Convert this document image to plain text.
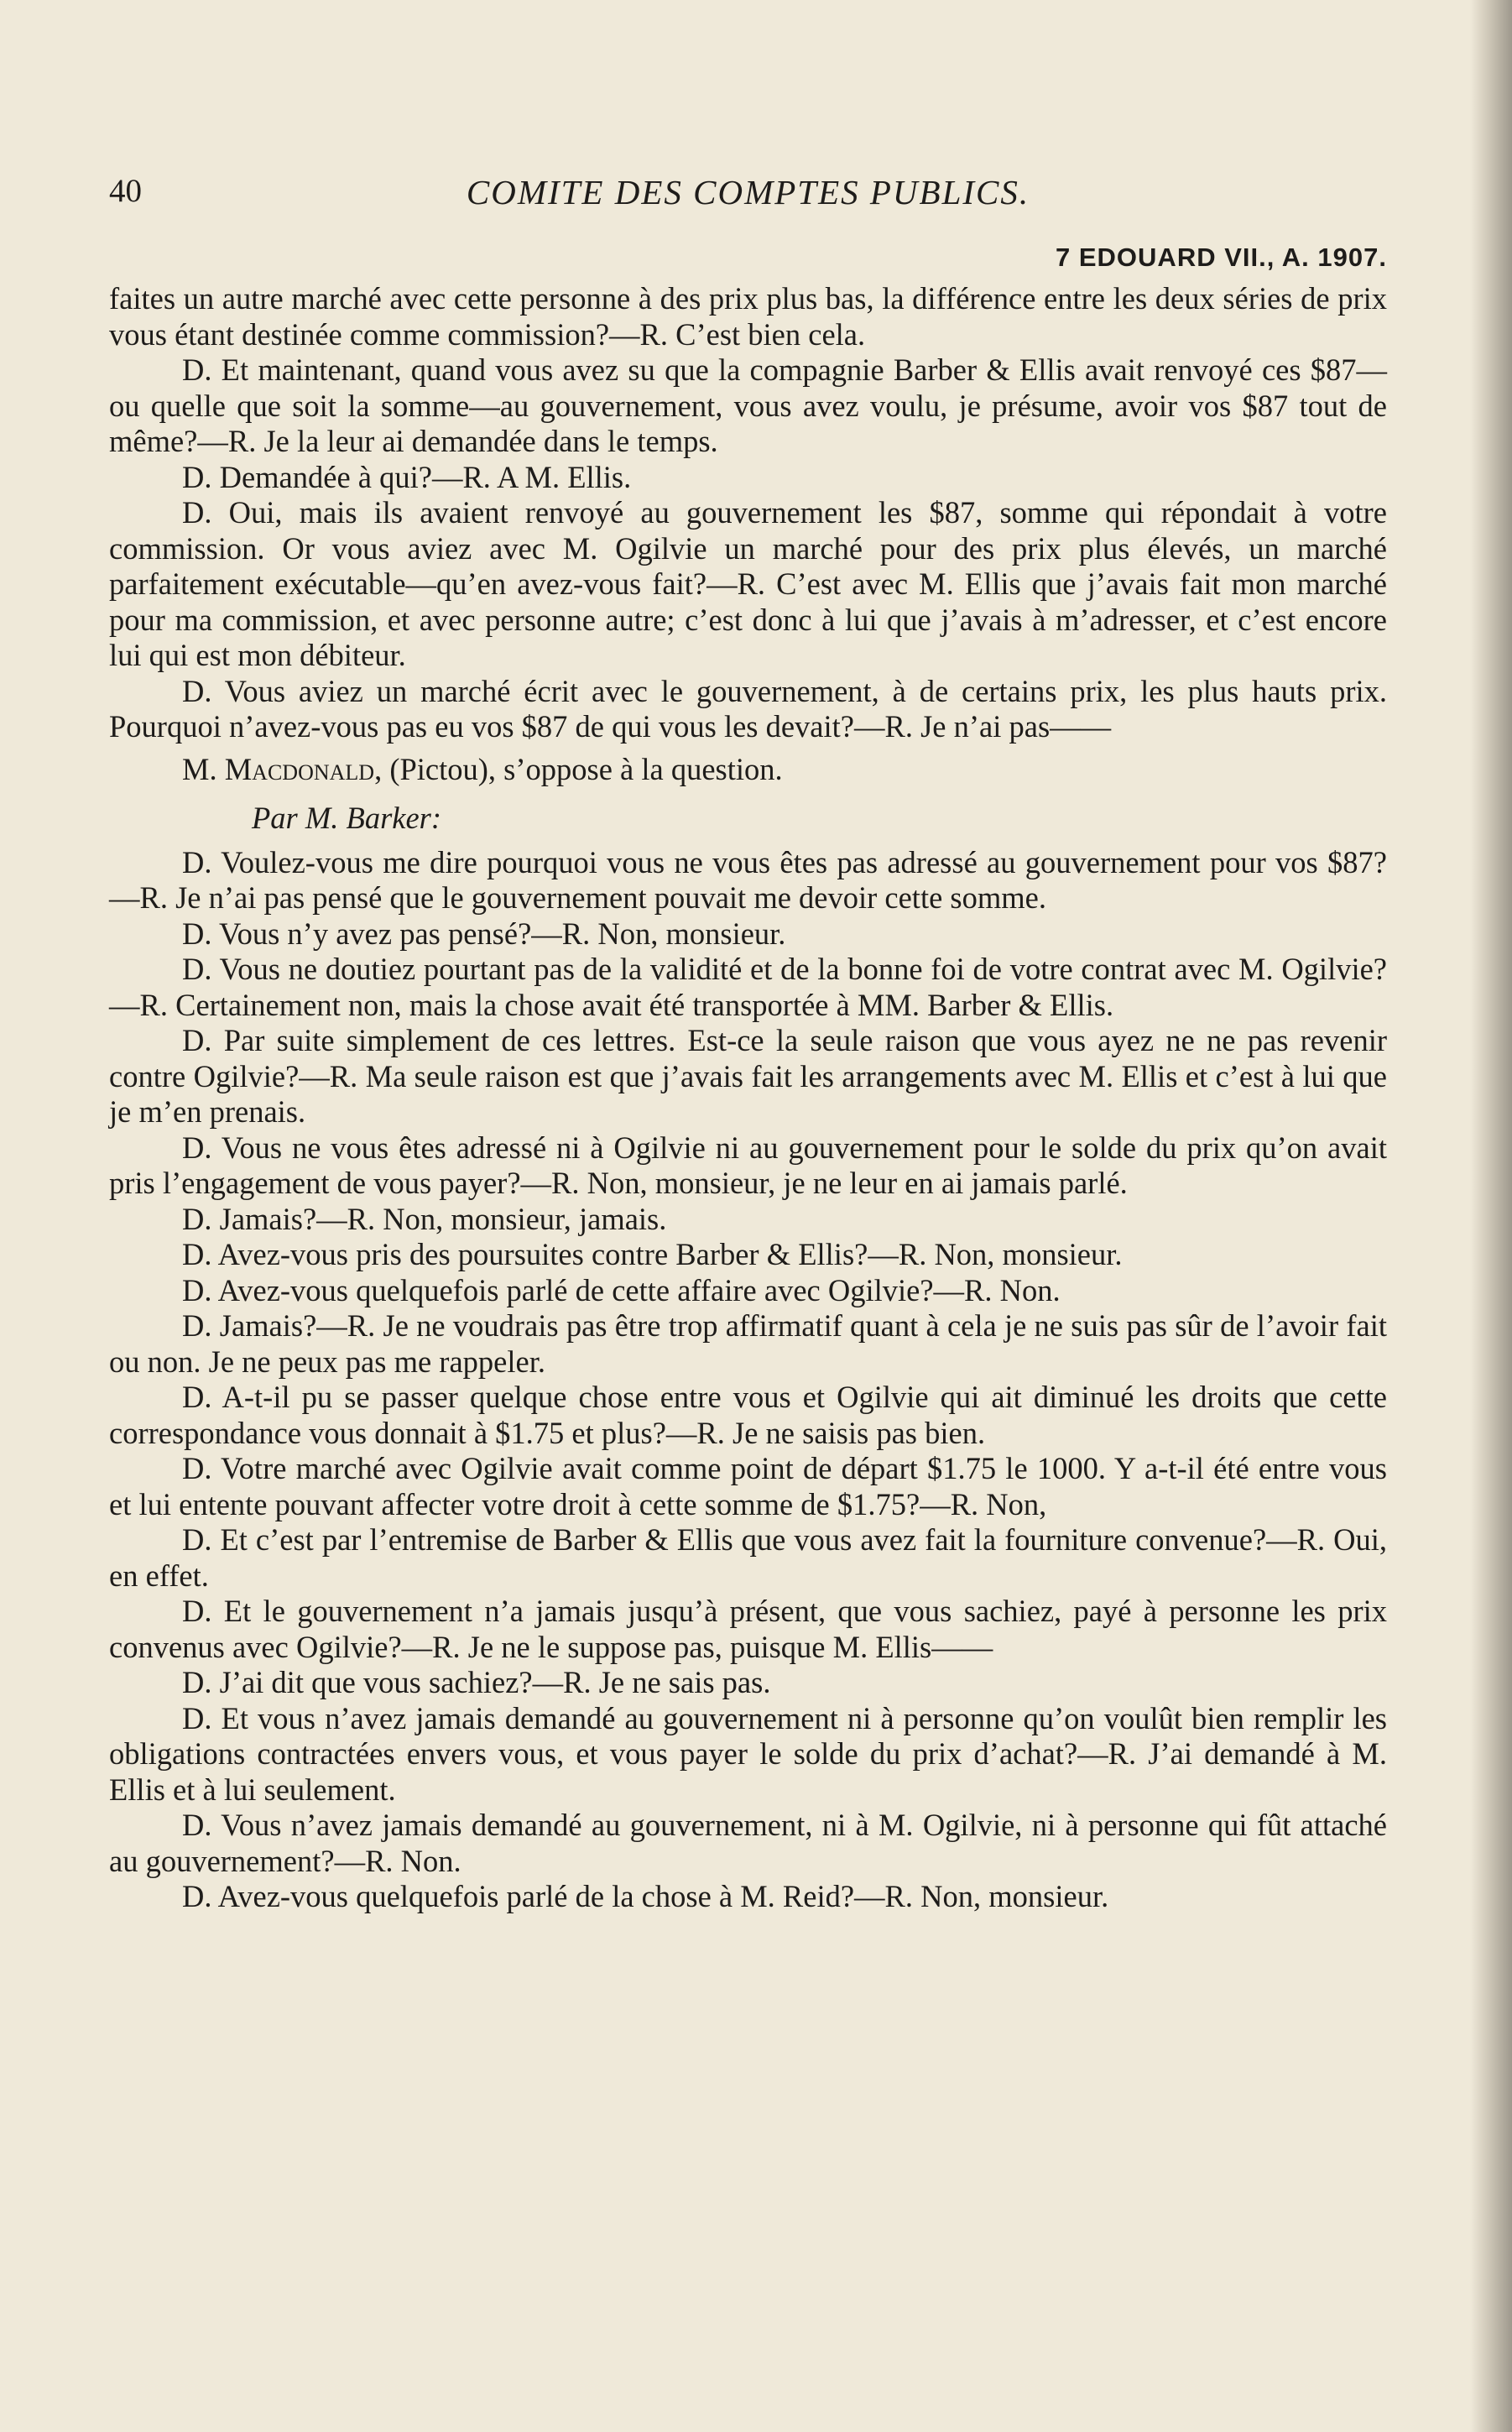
40	COMITE DES COMPTES PUBLICS.
7 EDOUARD VII., A. 1907.

faites un autre marché avec cette personne à des prix plus bas, la différence entre les deux séries de prix vous étant destinée comme commission?—R. C’est bien cela.

D. Et maintenant, quand vous avez su que la compagnie Barber & Ellis avait renvoyé ces $87—ou quelle que soit la somme—au gouvernement, vous avez voulu, je présume, avoir vos $87 tout de même?—R. Je la leur ai demandée dans le temps.

D. Demandée à qui?—R. A M. Ellis.

D. Oui, mais ils avaient renvoyé au gouvernement les $87, somme qui répondait à votre commission. Or vous aviez avec M. Ogilvie un marché pour des prix plus élevés, un marché parfaitement exécutable—qu’en avez-vous fait?—R. C’est avec M. Ellis que j’avais fait mon marché pour ma commission, et avec personne autre; c’est donc à lui que j’avais à m’adresser, et c’est encore lui qui est mon débiteur.

D. Vous aviez un marché écrit avec le gouvernement, à de certains prix, les plus hauts prix. Pourquoi n’avez-vous pas eu vos $87 de qui vous les devait?—R. Je n’ai pas——

M. Macdonald, (Pictou), s’oppose à la question.

Par M. Barker:

D. Voulez-vous me dire pourquoi vous ne vous êtes pas adressé au gouvernement pour vos $87?—R. Je n’ai pas pensé que le gouvernement pouvait me devoir cette somme.

D. Vous n’y avez pas pensé?—R. Non, monsieur.

D. Vous ne doutiez pourtant pas de la validité et de la bonne foi de votre contrat avec M. Ogilvie?—R. Certainement non, mais la chose avait été transportée à MM. Barber & Ellis.

D. Par suite simplement de ces lettres. Est-ce la seule raison que vous ayez ne ne pas revenir contre Ogilvie?—R. Ma seule raison est que j’avais fait les arrangements avec M. Ellis et c’est à lui que je m’en prenais.

D. Vous ne vous êtes adressé ni à Ogilvie ni au gouvernement pour le solde du prix qu’on avait pris l’engagement de vous payer?—R. Non, monsieur, je ne leur en ai jamais parlé.

D. Jamais?—R. Non, monsieur, jamais.

D. Avez-vous pris des poursuites contre Barber & Ellis?—R. Non, monsieur.

D. Avez-vous quelquefois parlé de cette affaire avec Ogilvie?—R. Non.

D. Jamais?—R. Je ne voudrais pas être trop affirmatif quant à cela je ne suis pas sûr de l’avoir fait ou non. Je ne peux pas me rappeler.

D. A-t-il pu se passer quelque chose entre vous et Ogilvie qui ait diminué les droits que cette correspondance vous donnait à $1.75 et plus?—R. Je ne saisis pas bien.

D. Votre marché avec Ogilvie avait comme point de départ $1.75 le 1000. Y a-t-il été entre vous et lui entente pouvant affecter votre droit à cette somme de $1.75?—R. Non,

D. Et c’est par l’entremise de Barber & Ellis que vous avez fait la fourniture convenue?—R. Oui, en effet.

D. Et le gouvernement n’a jamais jusqu’à présent, que vous sachiez, payé à personne les prix convenus avec Ogilvie?—R. Je ne le suppose pas, puisque M. Ellis——

D. J’ai dit que vous sachiez?—R. Je ne sais pas.

D. Et vous n’avez jamais demandé au gouvernement ni à personne qu’on voulût bien remplir les obligations contractées envers vous, et vous payer le solde du prix d’achat?—R. J’ai demandé à M. Ellis et à lui seulement.

D. Vous n’avez jamais demandé au gouvernement, ni à M. Ogilvie, ni à personne qui fût attaché au gouvernement?—R. Non.

D. Avez-vous quelquefois parlé de la chose à M. Reid?—R. Non, monsieur.
